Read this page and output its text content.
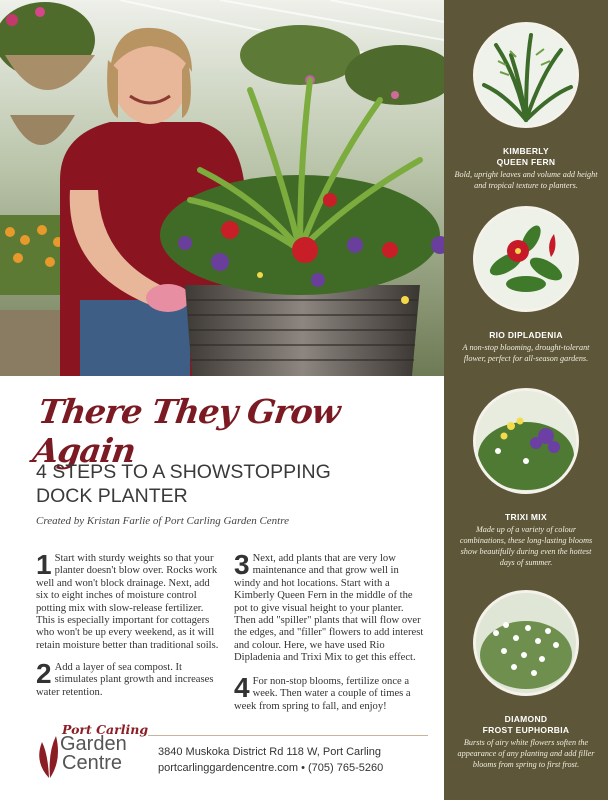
KIMBERLY
QUEEN FERN
Bold, upright leaves and volume add height and tropical texture to planters.
RIO DIPLADENIA
A non-stop blooming, drought-tolerant flower, perfect for all-season gardens.
TRIXI MIX
Made up of a variety of colour combinations, these long-lasting blooms show beautifully during even the hottest days of summer.
DIAMOND
FROST EUPHORBIA
Bursts of airy white flowers soften the appearance of any planting and add filler blooms from spring to first frost.
There They Grow Again
4 STEPS TO A SHOWSTOPPING
DOCK PLANTER
Created by Kristan Farlie of Port Carling Garden Centre
1 Start with sturdy weights so that your planter doesn't blow over. Rocks work well and won't block drainage. Next, add six to eight inches of moisture control potting mix with slow-release fertilizer. This is especially important for cottagers who won't be up every weekend, as it will retain moisture better than traditional soils.
2 Add a layer of sea compost. It stimulates plant growth and increases water retention.
3 Next, add plants that are very low maintenance and that grow well in windy and hot locations. Start with a Kimberly Queen Fern in the middle of the pot to give visual height to your planter. Then add "spiller" plants that will flow over the edges, and "filler" flowers to add interest and colour. Here, we have used Rio Dipladenia and Trixi Mix to get this effect.
4 For non-stop blooms, fertilize once a week. Then water a couple of times a week from spring to fall, and enjoy!
Port Carling
Garden
Centre	3840 Muskoka District Rd 118 W, Port Carling
portcarlinggardencentre.com • (705) 765-5260
